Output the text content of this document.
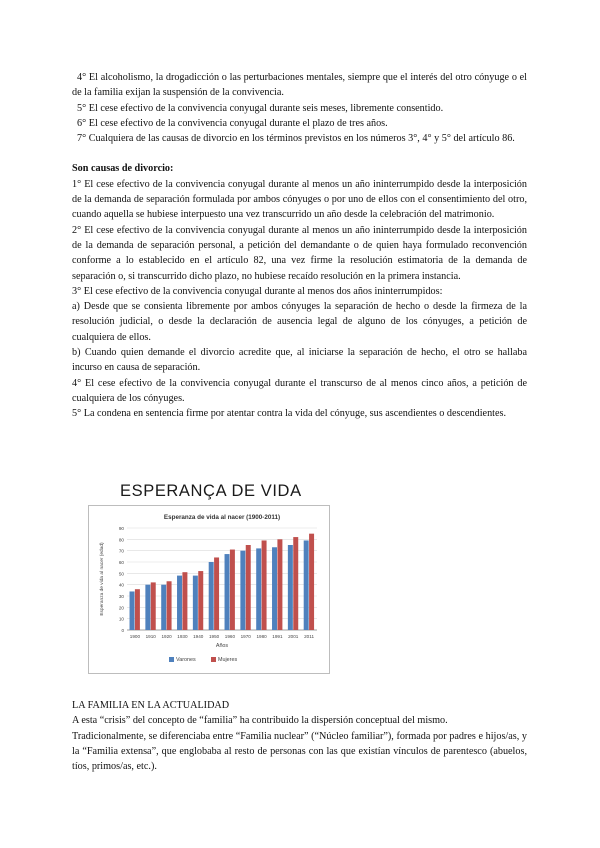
4° El alcoholismo, la drogadicción o las perturbaciones mentales, siempre que el interés del otro cónyuge o el de la familia exijan la suspensión de la convivencia.

5° El cese efectivo de la convivencia conyugal durante seis meses, libremente consentido.

6° El cese efectivo de la convivencia conyugal durante el plazo de tres años.

7° Cualquiera de las causas de divorcio en los términos previstos en los números 3°, 4° y 5° del artículo 86.

Son causas de divorcio:

1° El cese efectivo de la convivencia conyugal durante al menos un año ininterrumpido desde la interposición de la demanda de separación formulada por ambos cónyuges o por uno de ellos con el consentimiento del otro, cuando aquella se hubiese interpuesto una vez transcurrido un año desde la celebración del matrimonio.

2° El cese efectivo de la convivencia conyugal durante al menos un año ininterrumpido desde la interposición de la demanda de separación personal, a petición del demandante o de quien haya formulado reconvención conforme a lo establecido en el artículo 82, una vez firme la resolución estimatoria de la demanda de separación o, si transcurrido dicho plazo, no hubiese recaído resolución en la primera instancia.

3° El cese efectivo de la convivencia conyugal durante al menos dos años ininterrumpidos:

a) Desde que se consienta libremente por ambos cónyuges la separación de hecho o desde la firmeza de la resolución judicial, o desde la declaración de ausencia legal de alguno de los cónyuges, a petición de cualquiera de ellos.

b) Cuando quien demande el divorcio acredite que, al iniciarse la separación de hecho, el otro se hallaba incurso en causa de separación.

4° El cese efectivo de la convivencia conyugal durante el transcurso de al menos cinco años, a petición de cualquiera de los cónyuges.

5° La condena en sentencia firme por atentar contra la vida del cónyuge, sus ascendientes o descendientes.

ESPERANÇA DE VIDA
Esperanza de vida al nacer (1900-2011)
0
10
20
30
40
50
60
70
80
90
1900 1910 1920 1930 1940 1950 1960 1970 1980 1991 2001 2011
Años
Esperanza de vida al nacer (edad)
Varones	Mujeres

LA FAMILIA EN LA ACTUALIDAD

A esta “crisis” del concepto de “familia” ha contribuido la dispersión conceptual del mismo.

Tradicionalmente, se diferenciaba entre “Familia nuclear” (“Núcleo familiar”), formada por padres e hijos/as, y la “Familia extensa”, que englobaba al resto de personas con las que existían vínculos de parentesco (abuelos, tíos, primos/as, etc.).
